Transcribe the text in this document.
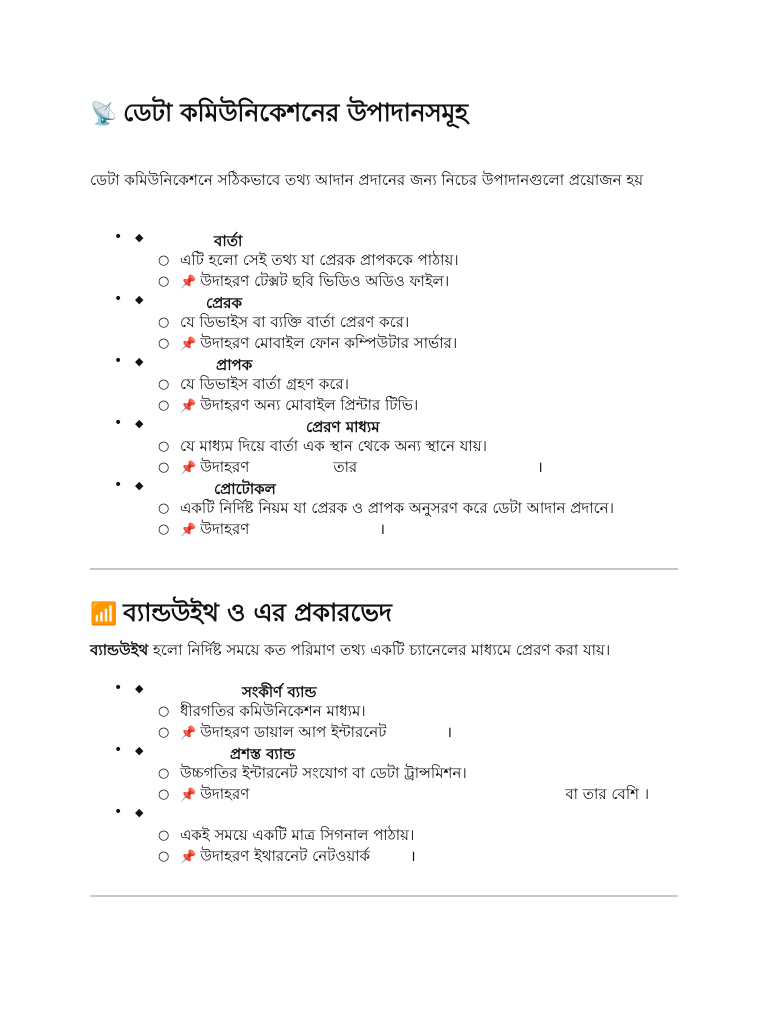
📡 ডেটা কমিউনিকেশনের উপাদানসমূহ

ডেটা কমিউনিকেশনে সঠিকভাবে তথ্য আদান প্রদানের জন্য নিচের উপাদানগুলো প্রয়োজন হয়

• ◆	বার্তা
○ এটি হলো সেই তথ্য যা প্রেরক প্রাপককে পাঠায়।
○ 📌 উদাহরণ টেক্সট ছবি ভিডিও অডিও ফাইল।
• ◆	প্রেরক
○ যে ডিভাইস বা ব্যক্তি বার্তা প্রেরণ করে।
○ 📌 উদাহরণ মোবাইল ফোন কম্পিউটার সার্ভার।
• ◆	প্রাপক
○ যে ডিভাইস বার্তা গ্রহণ করে।
○ 📌 উদাহরণ অন্য মোবাইল প্রিন্টার টিভি।
• ◆	প্রেরণ মাধ্যম
○ যে মাধ্যম দিয়ে বার্তা এক স্থান থেকে অন্য স্থানে যায়।
○ 📌 উদাহরণ	তার	।
• ◆	প্রোটোকল
○ একটি নির্দিষ্ট নিয়ম যা প্রেরক ও প্রাপক অনুসরণ করে ডেটা আদান প্রদানে।
○ 📌 উদাহরণ	।
📶 ব্যান্ডউইথ ও এর প্রকারভেদ

ব্যান্ডউইথ হলো নির্দিষ্ট সময়ে কত পরিমাণ তথ্য একটি চ্যানেলের মাধ্যমে প্রেরণ করা যায়।

• ◆	সংকীর্ণ ব্যান্ড
○ ধীরগতির কমিউনিকেশন মাধ্যম।
○ 📌 উদাহরণ ডায়াল আপ ইন্টারনেট	।
• ◆	প্রশস্ত ব্যান্ড
○ উচ্চগতির ইন্টারনেট সংযোগ বা ডেটা ট্রান্সমিশন।
○ 📌 উদাহরণ	বা তার বেশি ।
• ◆
○ একই সময়ে একটি মাত্র সিগনাল পাঠায়।
○ 📌 উদাহরণ ইথারনেট নেটওয়ার্ক	।
